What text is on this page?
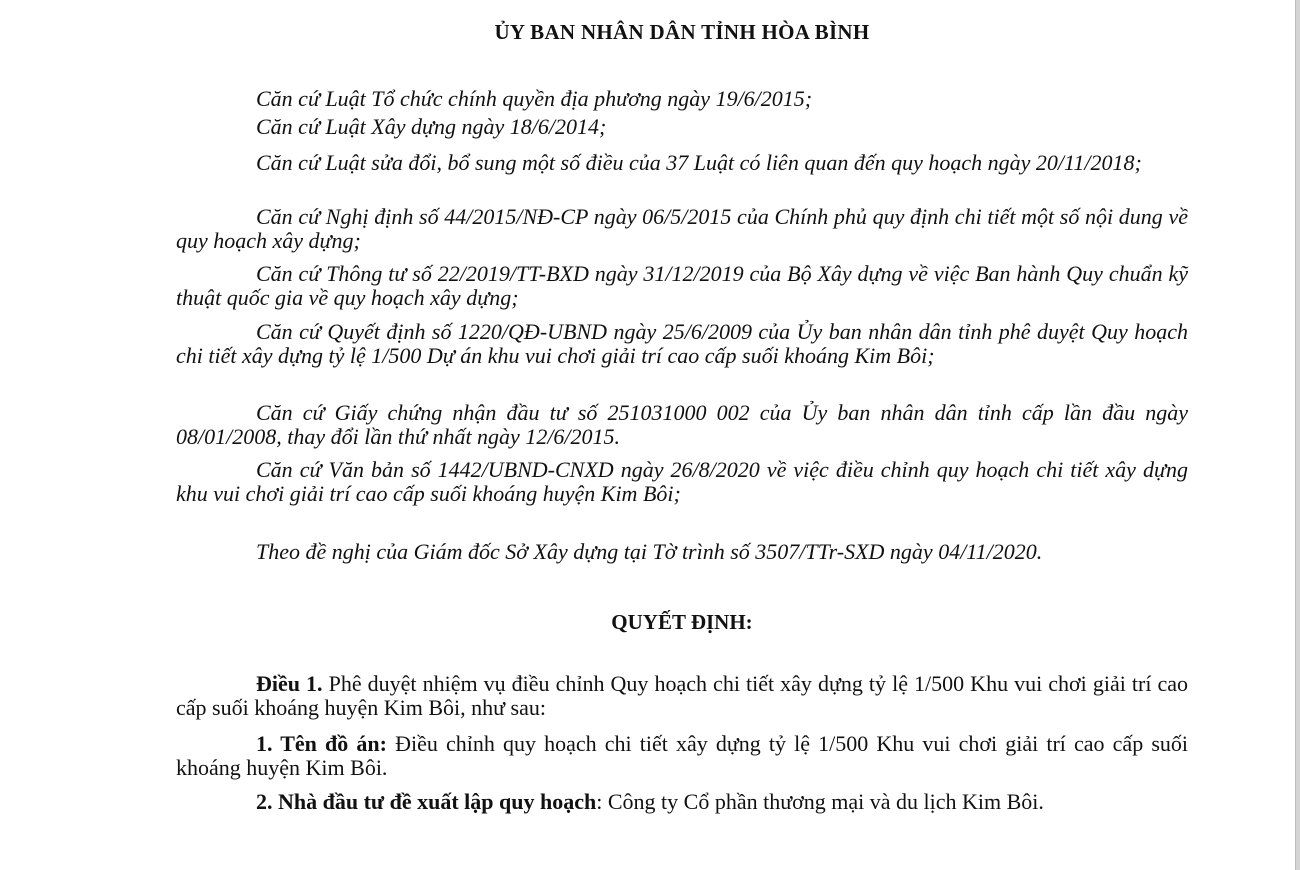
ỦY BAN NHÂN DÂN TỈNH HÒA BÌNH
Căn cứ Luật Tổ chức chính quyền địa phương ngày 19/6/2015;
Căn cứ Luật Xây dựng ngày 18/6/2014;
Căn cứ Luật sửa đổi, bổ sung một số điều của 37 Luật có liên quan đến quy hoạch ngày 20/11/2018;
Căn cứ Nghị định số 44/2015/NĐ-CP ngày 06/5/2015 của Chính phủ quy định chi tiết một số nội dung về quy hoạch xây dựng;
Căn cứ Thông tư số 22/2019/TT-BXD ngày 31/12/2019 của Bộ Xây dựng về việc Ban hành Quy chuẩn kỹ thuật quốc gia về quy hoạch xây dựng;
Căn cứ Quyết định số 1220/QĐ-UBND ngày 25/6/2009 của Ủy ban nhân dân tỉnh phê duyệt Quy hoạch chi tiết xây dựng tỷ lệ 1/500 Dự án khu vui chơi giải trí cao cấp suối khoáng Kim Bôi;
Căn cứ Giấy chứng nhận đầu tư số 251031000 002 của Ủy ban nhân dân tỉnh cấp lần đầu ngày 08/01/2008, thay đổi lần thứ nhất ngày 12/6/2015.
Căn cứ Văn bản số 1442/UBND-CNXD ngày 26/8/2020 về việc điều chỉnh quy hoạch chi tiết xây dựng khu vui chơi giải trí cao cấp suối khoáng huyện Kim Bôi;
Theo đề nghị của Giám đốc Sở Xây dựng tại Tờ trình số 3507/TTr-SXD ngày 04/11/2020.
QUYẾT ĐỊNH:
Điều 1. Phê duyệt nhiệm vụ điều chỉnh Quy hoạch chi tiết xây dựng tỷ lệ 1/500 Khu vui chơi giải trí cao cấp suối khoáng huyện Kim Bôi, như sau:
1. Tên đồ án: Điều chỉnh quy hoạch chi tiết xây dựng tỷ lệ 1/500 Khu vui chơi giải trí cao cấp suối khoáng huyện Kim Bôi.
2. Nhà đầu tư đề xuất lập quy hoạch: Công ty Cổ phần thương mại và du lịch Kim Bôi.
